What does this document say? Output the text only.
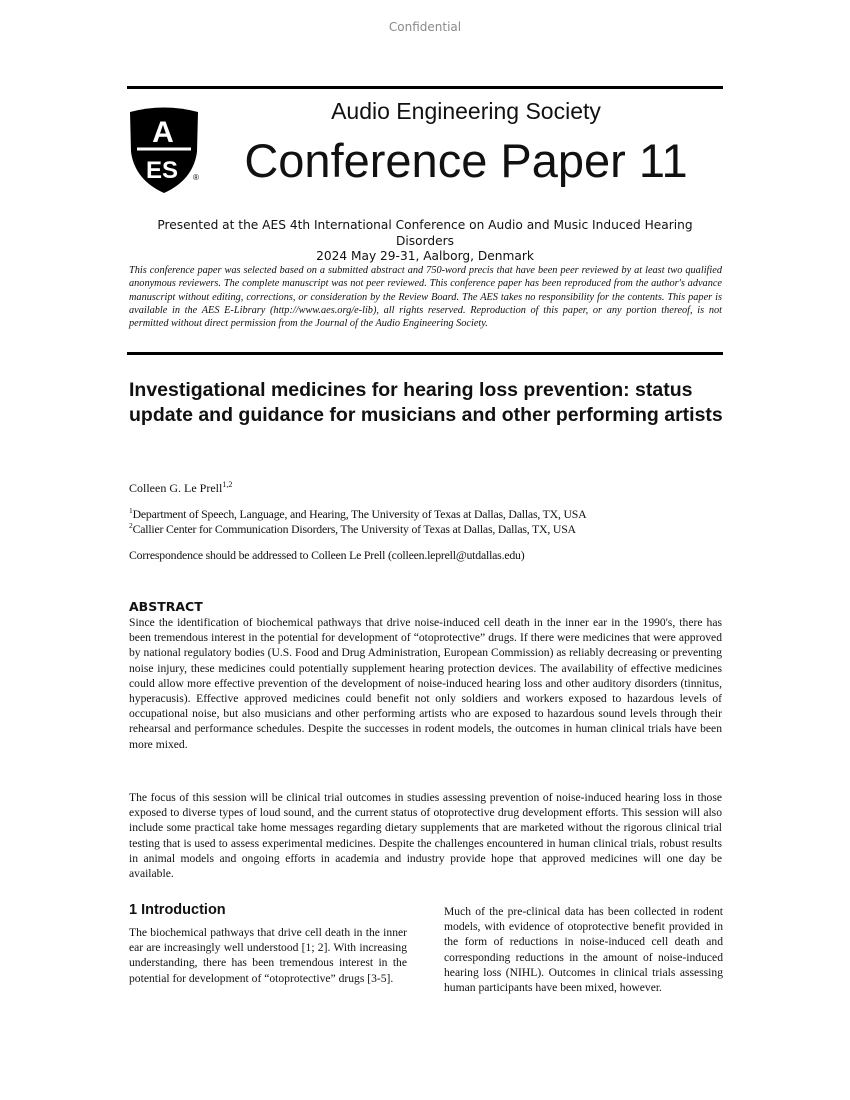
Confidential
A
ES ®
Audio Engineering Society
Conference Paper 11
Presented at the AES 4th International Conference on Audio and Music Induced Hearing Disorders
2024 May 29-31, Aalborg, Denmark
This conference paper was selected based on a submitted abstract and 750-word precis that have been peer reviewed by at least two qualified anonymous reviewers. The complete manuscript was not peer reviewed. This conference paper has been reproduced from the author's advance manuscript without editing, corrections, or consideration by the Review Board. The AES takes no responsibility for the contents. This paper is available in the AES E-Library (http://www.aes.org/e-lib), all rights reserved. Reproduction of this paper, or any portion thereof, is not permitted without direct permission from the Journal of the Audio Engineering Society.
Investigational medicines for hearing loss prevention: status update and guidance for musicians and other performing artists
Colleen G. Le Prell$^{1,2}$
$^1$Department of Speech, Language, and Hearing, The University of Texas at Dallas, Dallas, TX, USA
$^2$Callier Center for Communication Disorders, The University of Texas at Dallas, Dallas, TX, USA
Correspondence should be addressed to Colleen Le Prell (colleen.leprell@utdallas.edu)
ABSTRACT
Since the identification of biochemical pathways that drive noise-induced cell death in the inner ear in the 1990's, there has been tremendous interest in the potential for development of “otoprotective” drugs. If there were medicines that were approved by national regulatory bodies (U.S. Food and Drug Administration, European Commission) as reliably decreasing or preventing noise injury, these medicines could potentially supplement hearing protection devices. The availability of effective medicines could allow more effective prevention of the development of noise-induced hearing loss and other auditory disorders (tinnitus, hyperacusis). Effective approved medicines could benefit not only soldiers and workers exposed to hazardous levels of occupational noise, but also musicians and other performing artists who are exposed to hazardous sound levels through their rehearsal and performance schedules. Despite the successes in rodent models, the outcomes in human clinical trials have been more mixed.
The focus of this session will be clinical trial outcomes in studies assessing prevention of noise-induced hearing loss in those exposed to diverse types of loud sound, and the current status of otoprotective drug development efforts. This session will also include some practical take home messages regarding dietary supplements that are marketed without the rigorous clinical trial testing that is used to assess experimental medicines. Despite the challenges encountered in human clinical trials, robust results in animal models and ongoing efforts in academia and industry provide hope that approved medicines will one day be available.
1 Introduction
The biochemical pathways that drive cell death in the inner ear are increasingly well understood [1; 2]. With increasing understanding, there has been tremendous interest in the potential for development of “otoprotective” drugs [3-5].
Much of the pre-clinical data has been collected in rodent models, with evidence of otoprotective benefit provided in the form of reductions in noise-induced cell death and corresponding reductions in the amount of noise-induced hearing loss (NIHL). Outcomes in clinical trials assessing human participants have been mixed, however.
